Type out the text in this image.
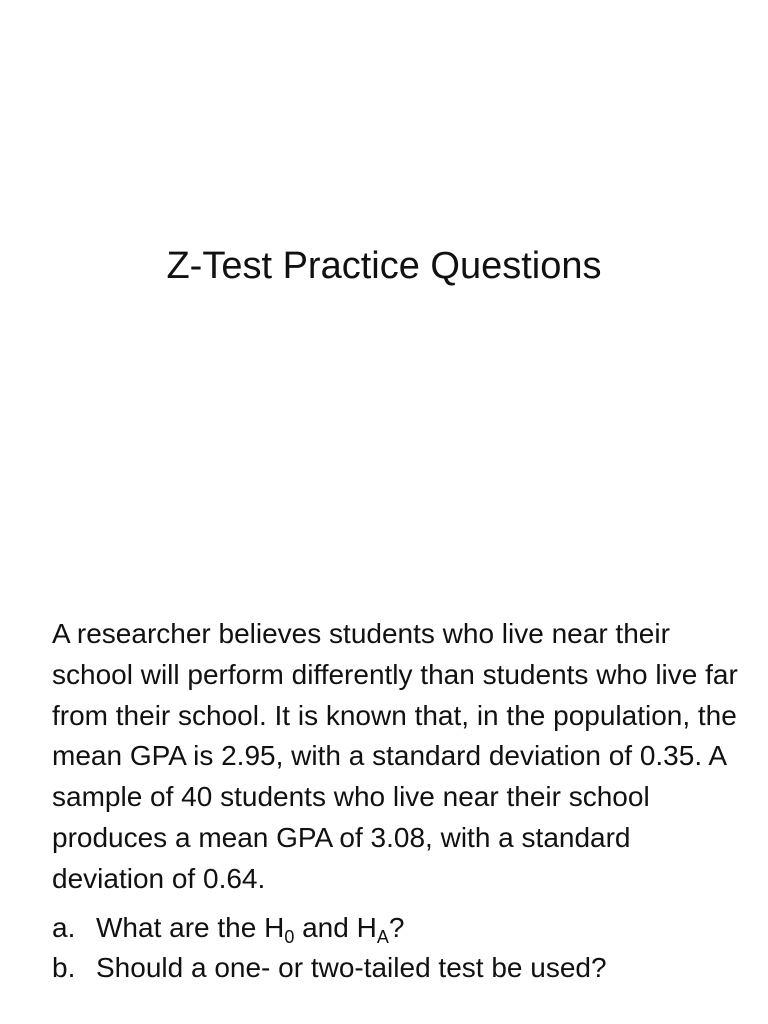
Z-Test Practice Questions

A researcher believes students who live near their school will perform differently than students who live far from their school. It is known that, in the population, the mean GPA is 2.95, with a standard deviation of 0.35. A sample of 40 students who live near their school produces a mean GPA of 3.08, with a standard deviation of 0.64.

a. What are the $H_0$ and $H_A$?
b. Should a one- or two-tailed test be used?
